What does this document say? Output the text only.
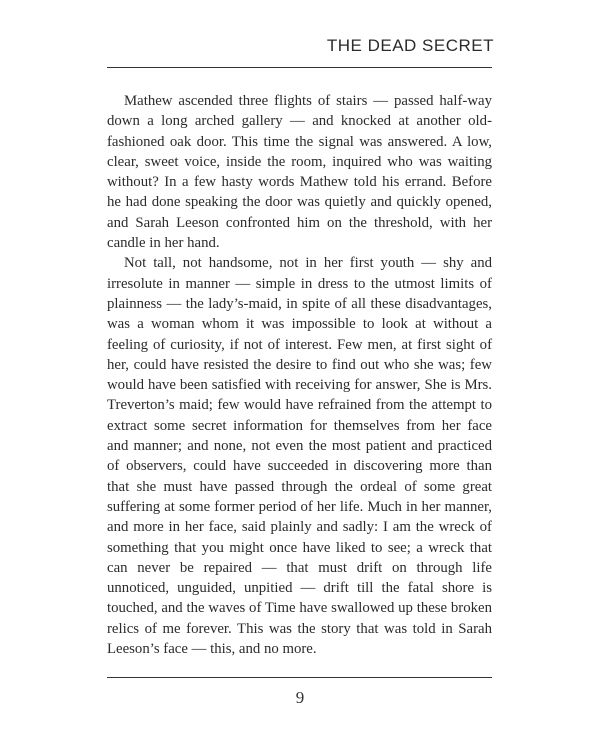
THE DEAD SECRET

Mathew ascended three flights of stairs — passed half-way down a long arched gallery — and knocked at another old-fashioned oak door. This time the signal was answered. A low, clear, sweet voice, inside the room, inquired who was waiting without? In a few hasty words Mathew told his errand. Before he had done speaking the door was quietly and quickly opened, and Sarah Leeson confronted him on the threshold, with her candle in her hand.

Not tall, not handsome, not in her first youth — shy and irresolute in manner — simple in dress to the utmost limits of plainness — the lady’s-maid, in spite of all these disadvantages, was a woman whom it was impossible to look at without a feeling of curiosity, if not of interest. Few men, at first sight of her, could have resisted the desire to find out who she was; few would have been satisfied with receiving for answer, She is Mrs. Treverton’s maid; few would have refrained from the attempt to extract some secret information for themselves from her face and manner; and none, not even the most patient and practiced of observers, could have succeeded in discovering more than that she must have passed through the ordeal of some great suffering at some former period of her life. Much in her manner, and more in her face, said plainly and sadly: I am the wreck of something that you might once have liked to see; a wreck that can never be repaired — that must drift on through life unnoticed, unguided, unpitied — drift till the fatal shore is touched, and the waves of Time have swallowed up these broken relics of me forever. This was the story that was told in Sarah Leeson’s face — this, and no more.

9
